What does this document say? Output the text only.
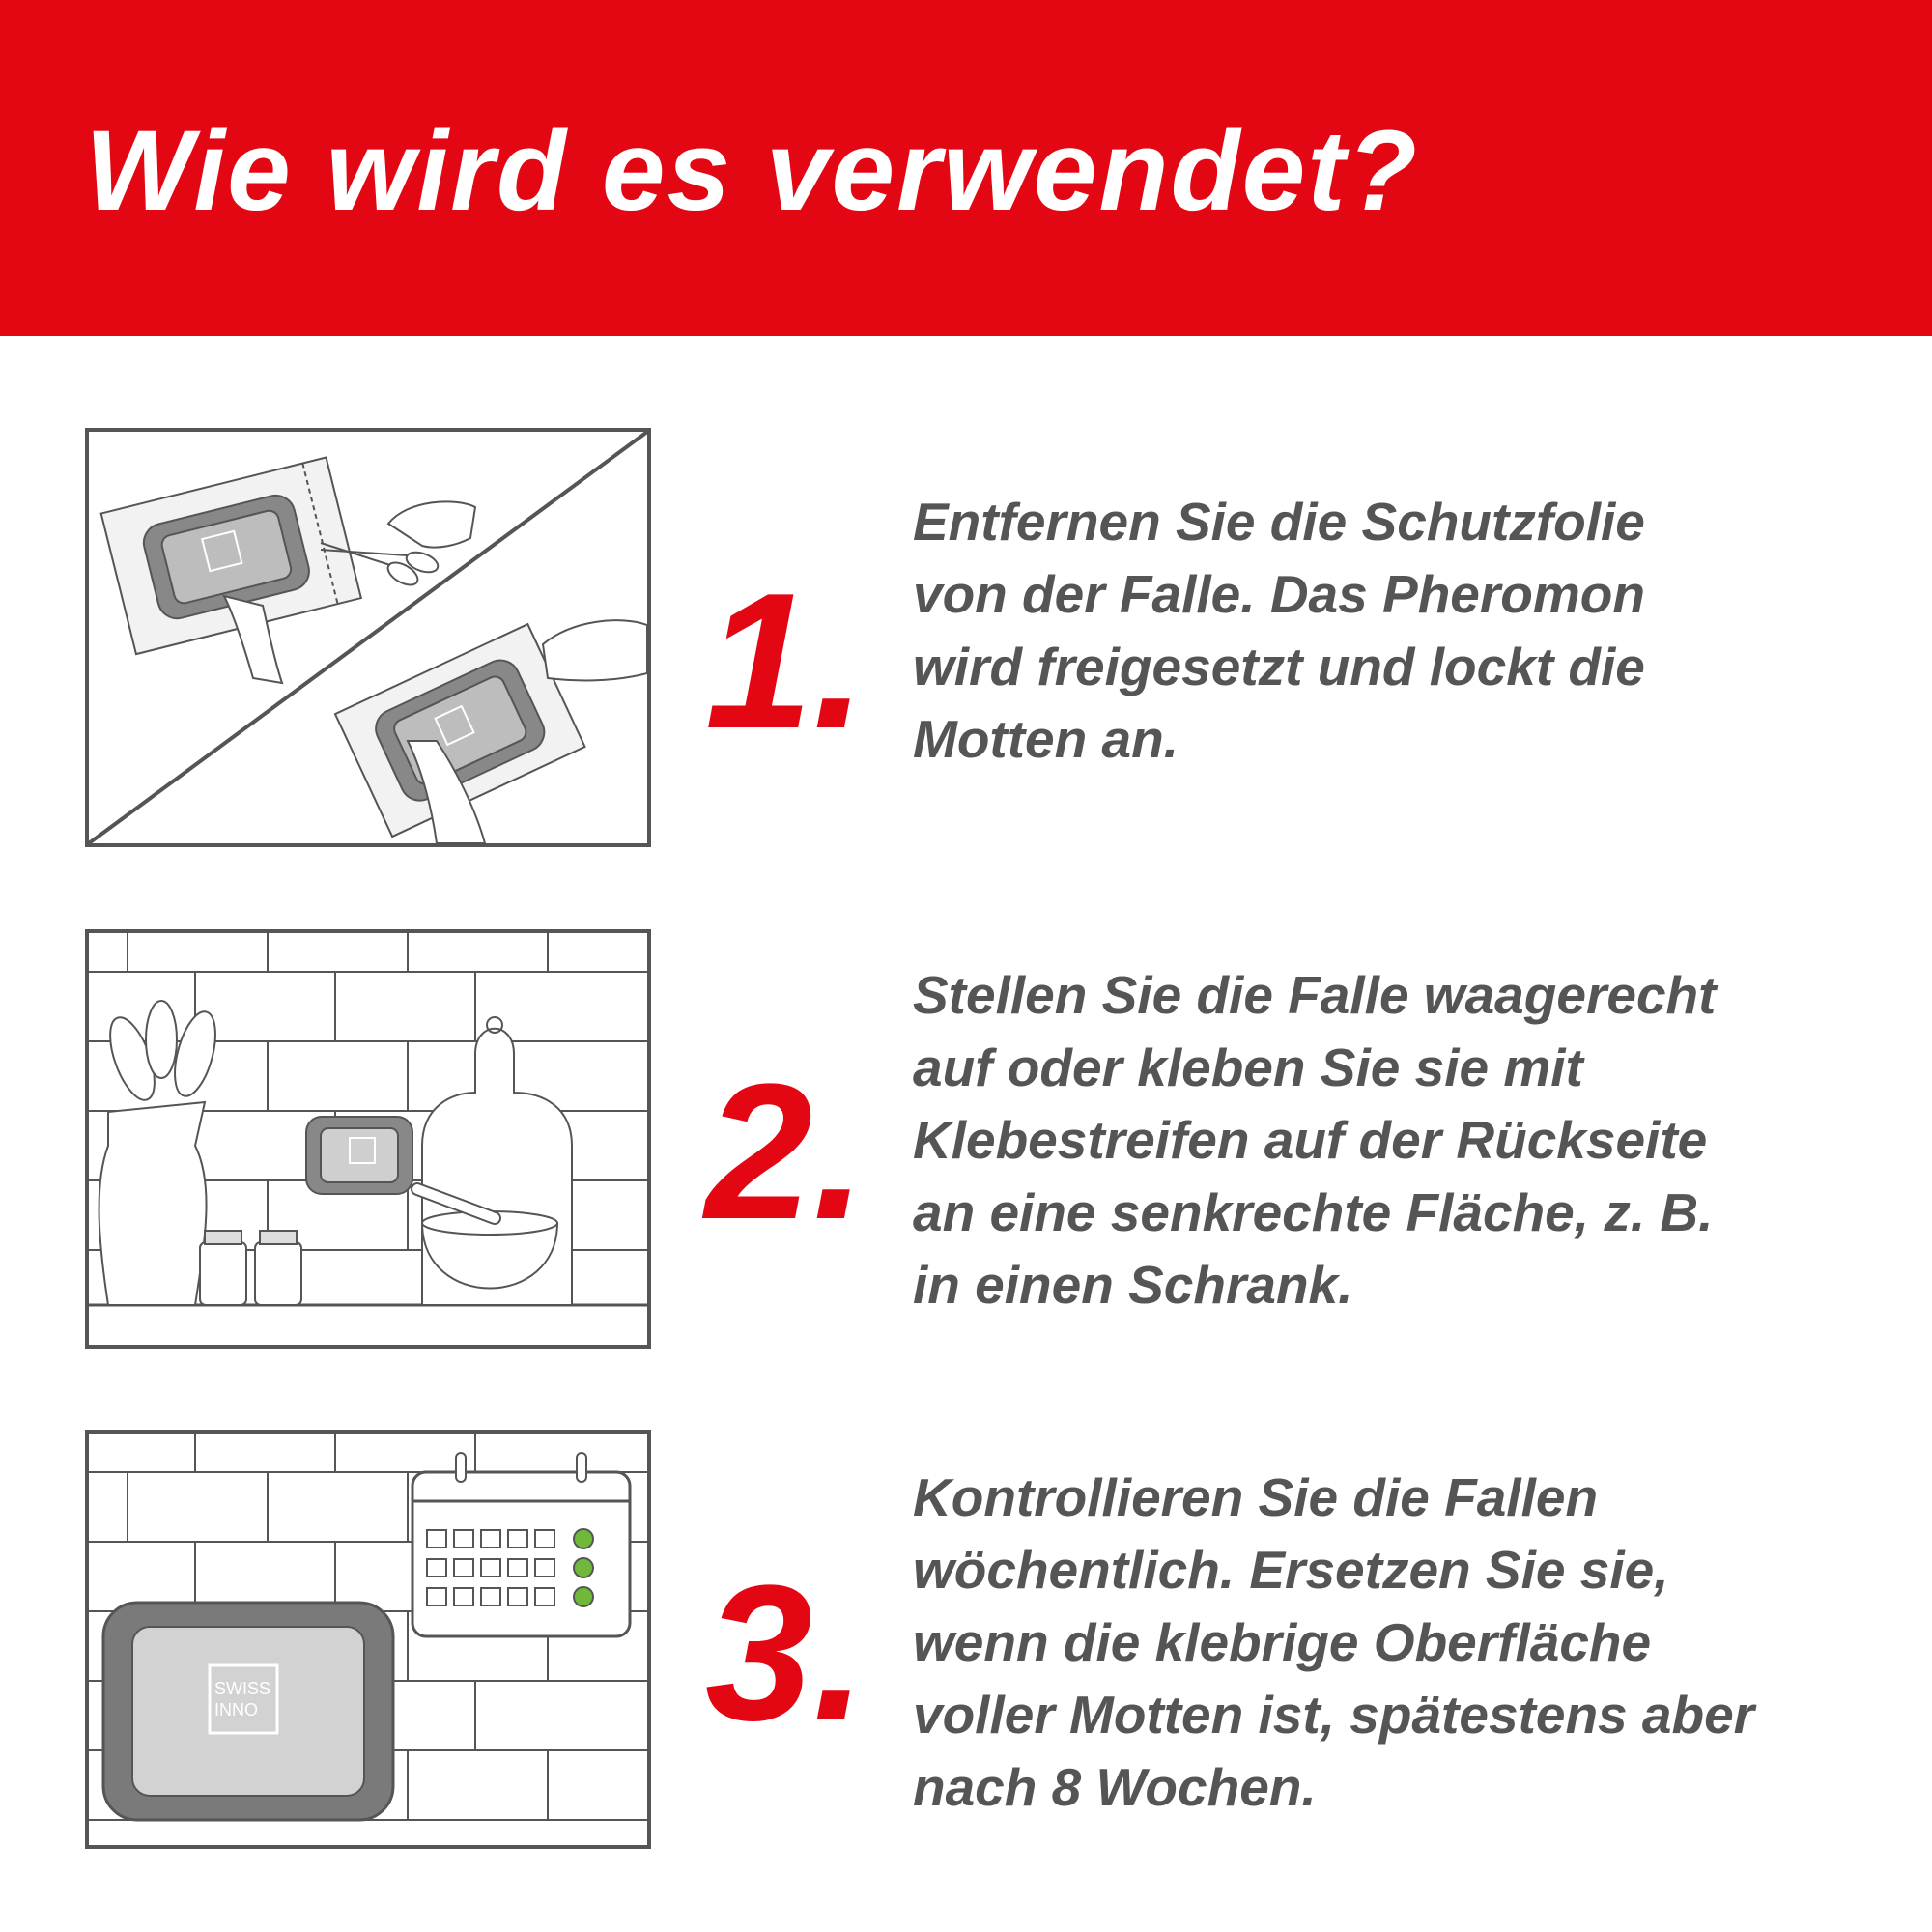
Wie wird es verwendet?
1.

Entfernen Sie die Schutzfolie
von der Falle. Das Pheromon
wird freigesetzt und lockt die
Motten an.

2.

Stellen Sie die Falle waagerecht
auf oder kleben Sie sie mit
Klebestreifen auf der Rückseite
an eine senkrechte Fläche, z. B.
in einen Schrank.

SWISS
INNO 3.

Kontrollieren Sie die Fallen
wöchentlich. Ersetzen Sie sie,
wenn die klebrige Oberfläche
voller Motten ist, spätestens aber
nach 8 Wochen.
